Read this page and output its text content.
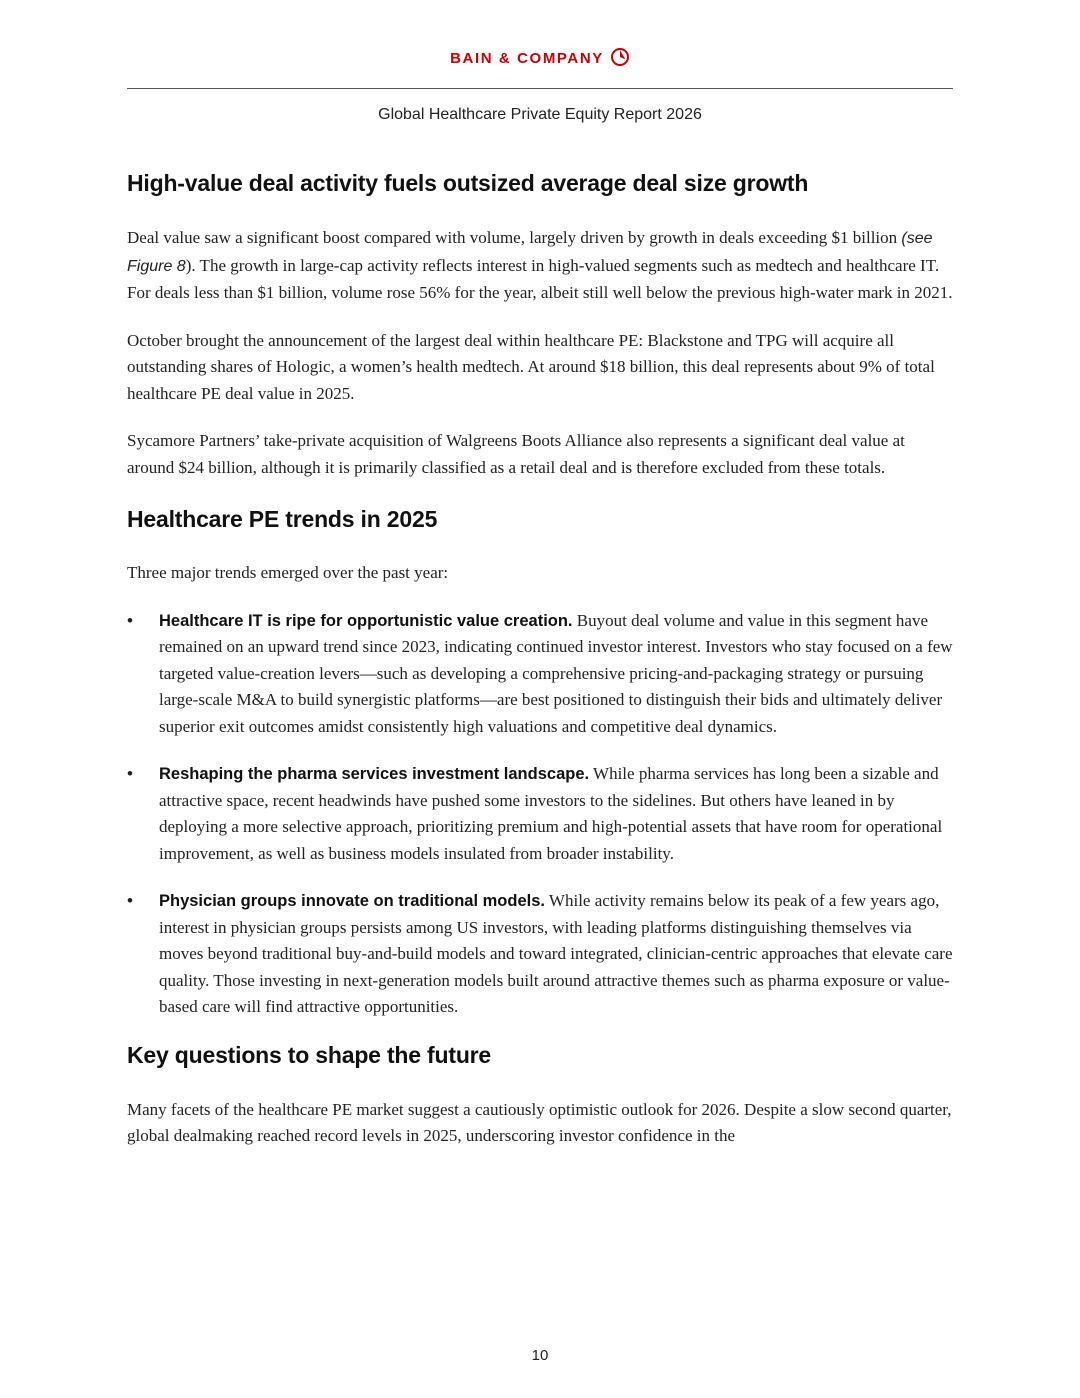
BAIN & COMPANY
Global Healthcare Private Equity Report 2026
High-value deal activity fuels outsized average deal size growth

Deal value saw a significant boost compared with volume, largely driven by growth in deals exceeding $1 billion (see Figure 8). The growth in large-cap activity reflects interest in high-valued segments such as medtech and healthcare IT. For deals less than $1 billion, volume rose 56% for the year, albeit still well below the previous high-water mark in 2021.

October brought the announcement of the largest deal within healthcare PE: Blackstone and TPG will acquire all outstanding shares of Hologic, a women’s health medtech. At around $18 billion, this deal represents about 9% of total healthcare PE deal value in 2025.

Sycamore Partners’ take-private acquisition of Walgreens Boots Alliance also represents a significant deal value at around $24 billion, although it is primarily classified as a retail deal and is therefore excluded from these totals.

Healthcare PE trends in 2025

Three major trends emerged over the past year:

• Healthcare IT is ripe for opportunistic value creation. Buyout deal volume and value in this segment have remained on an upward trend since 2023, indicating continued investor interest. Investors who stay focused on a few targeted value-creation levers—such as developing a comprehensive pricing-and-packaging strategy or pursuing large-scale M&A to build synergistic platforms—are best positioned to distinguish their bids and ultimately deliver superior exit outcomes amidst consistently high valuations and competitive deal dynamics.
• Reshaping the pharma services investment landscape. While pharma services has long been a sizable and attractive space, recent headwinds have pushed some investors to the sidelines. But others have leaned in by deploying a more selective approach, prioritizing premium and high-potential assets that have room for operational improvement, as well as business models insulated from broader instability.
• Physician groups innovate on traditional models. While activity remains below its peak of a few years ago, interest in physician groups persists among US investors, with leading platforms distinguishing themselves via moves beyond traditional buy-and-build models and toward integrated, clinician-centric approaches that elevate care quality. Those investing in next-generation models built around attractive themes such as pharma exposure or value-based care will find attractive opportunities.
Key questions to shape the future

Many facets of the healthcare PE market suggest a cautiously optimistic outlook for 2026. Despite a slow second quarter, global dealmaking reached record levels in 2025, underscoring investor confidence in the

10
